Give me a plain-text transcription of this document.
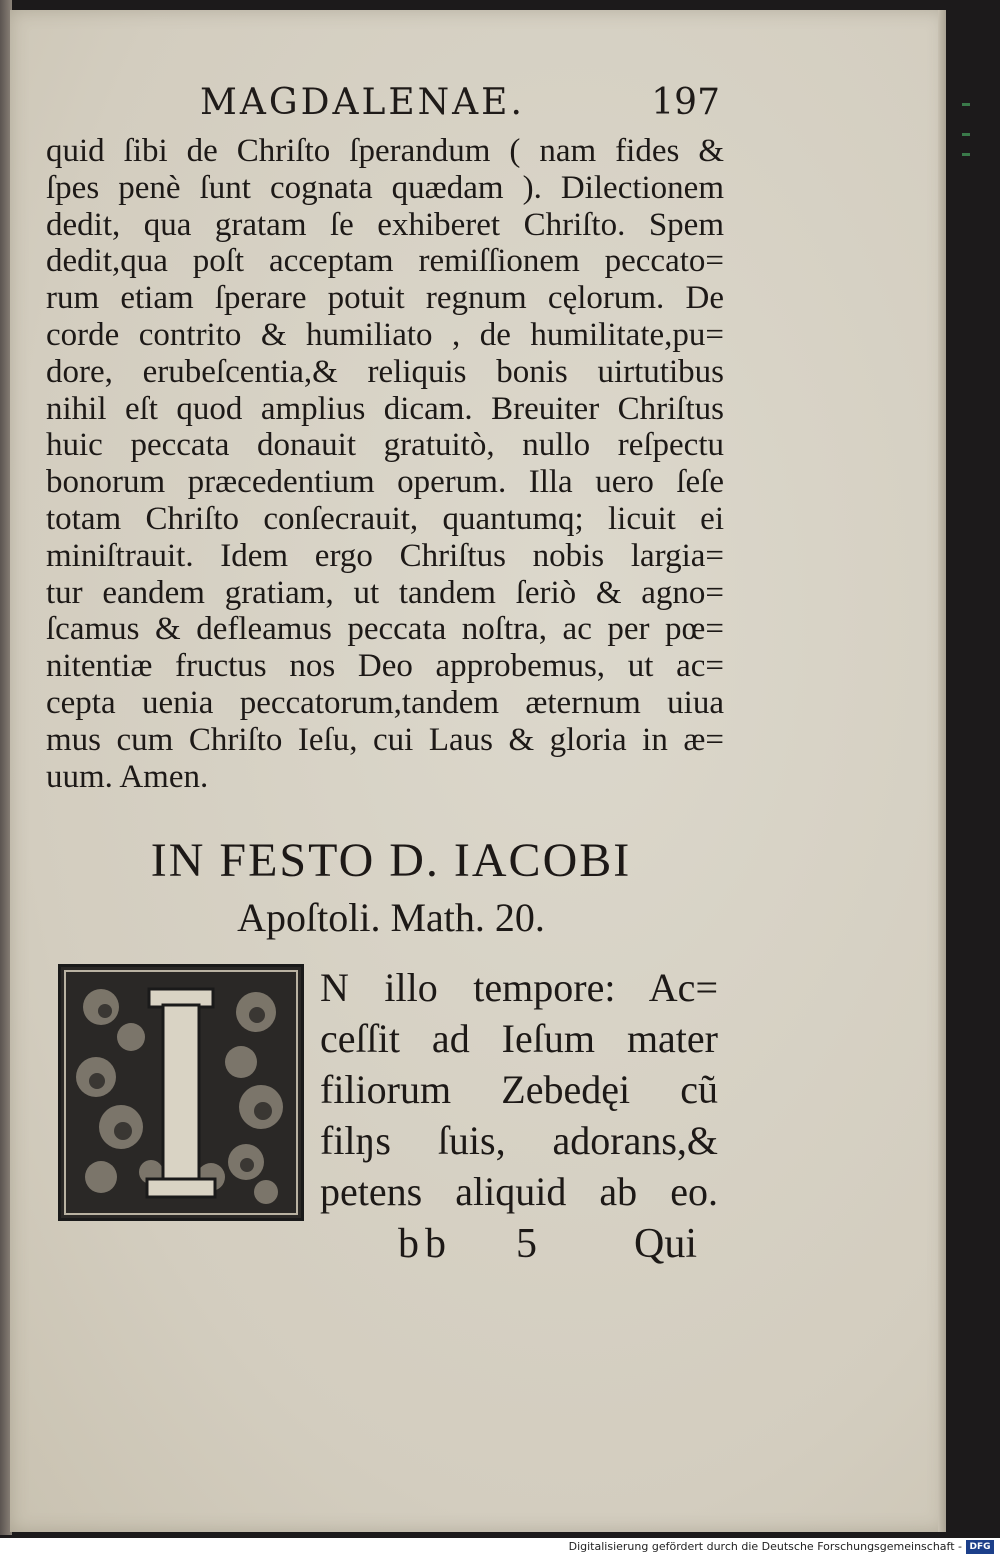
MAGDALENAE.	197
quid ſibi de Chriſto ſperandum ( nam fides &
ſpes penè ſunt cognata quædam ). Dilectionem
dedit, qua gratam ſe exhiberet Chriſto. Spem
dedit,qua poſt acceptam remiſſionem peccato=
rum etiam ſperare potuit regnum cęlorum. De
corde contrito & humiliato , de humilitate,pu=
dore, erubeſcentia,& reliquis bonis uirtutibus
nihil eſt quod amplius dicam. Breuiter Chriſtus
huic peccata donauit gratuitò, nullo reſpectu
bonorum præcedentium operum. Illa uero ſeſe
totam Chriſto conſecrauit, quantumq; licuit ei
miniſtrauit. Idem ergo Chriſtus nobis largia=
tur eandem gratiam, ut tandem ſeriò & agno=
ſcamus & defleamus peccata noſtra, ac per pœ=
nitentiæ fructus nos Deo approbemus, ut ac=
cepta uenia peccatorum,tandem æternum uiua
mus cum Chriſto Ieſu, cui Laus & gloria in æ=
uum. Amen.
IN FESTO D. IACOBI
Apoſtoli. Math. 20.
N illo tempore: Ac=
ceſſit ad Ieſum mater
filiorum Zebedęi cũ
filŋs ſuis, adorans,&
petens aliquid ab eo.
bb 5 Qui
Digitalisierung gefördert durch die Deutsche Forschungsgemeinschaft - DFG
